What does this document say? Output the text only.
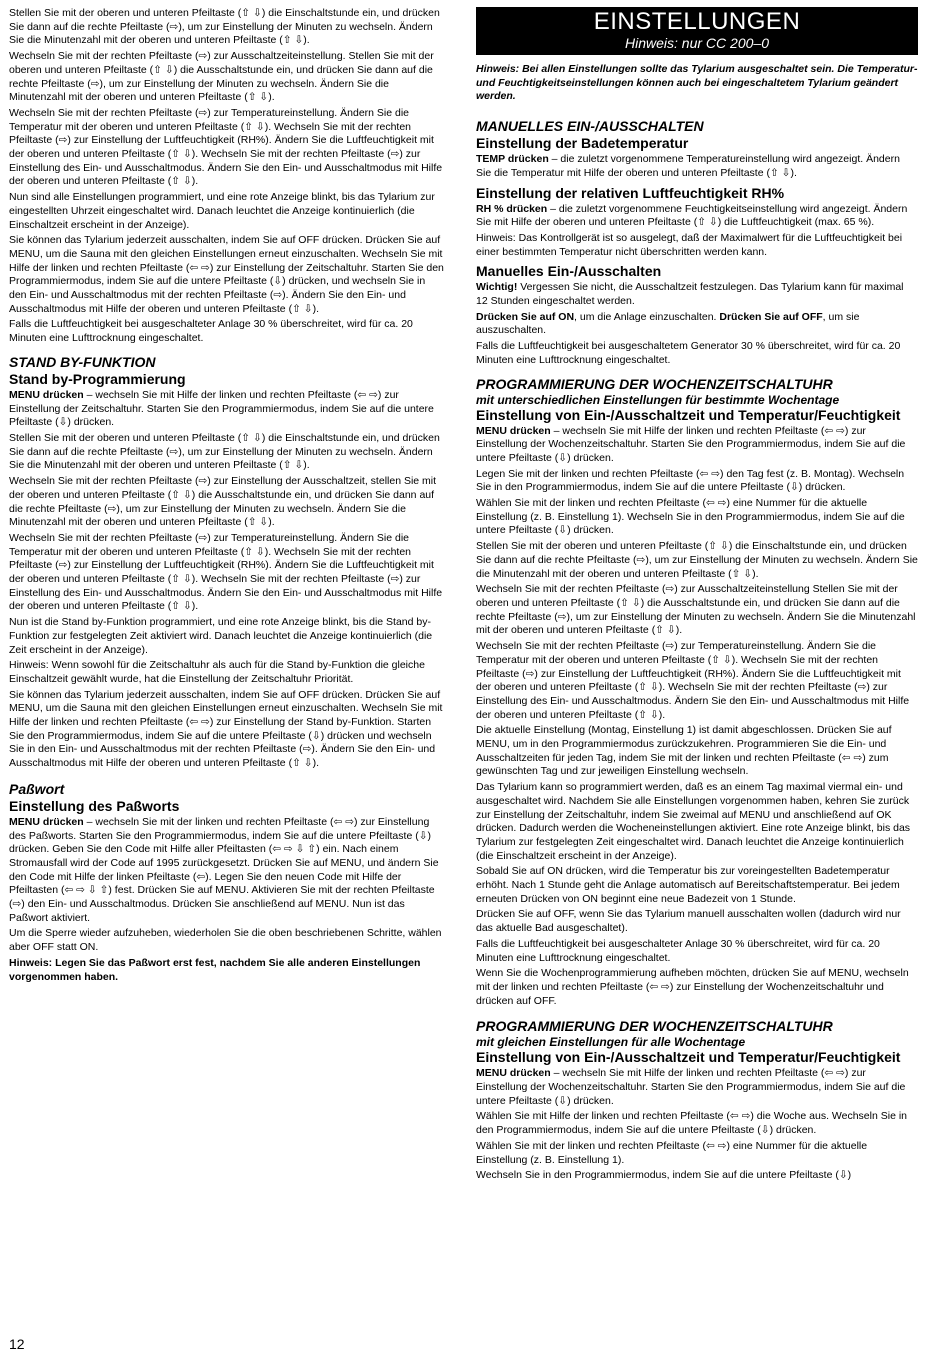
Stellen Sie mit der oberen und unteren Pfeiltaste (⇧ ⇩) die Einschaltstunde ein, und drücken Sie dann auf die rechte Pfeiltaste (⇨), um zur Einstellung der Minuten zu wechseln. Ändern Sie die Minutenzahl mit der oberen und unteren Pfeiltaste (⇧ ⇩).

Wechseln Sie mit der rechten Pfeiltaste (⇨) zur Ausschaltzeiteinstellung. Stellen Sie mit der oberen und unteren Pfeiltaste (⇧ ⇩) die Ausschaltstunde ein, und drücken Sie dann auf die rechte Pfeiltaste (⇨), um zur Einstellung der Minuten zu wechseln. Ändern Sie die Minutenzahl mit der oberen und unteren Pfeiltaste (⇧ ⇩).

Wechseln Sie mit der rechten Pfeiltaste (⇨) zur Temperatureinstellung. Ändern Sie die Temperatur mit der oberen und unteren Pfeiltaste (⇧ ⇩). Wechseln Sie mit der rechten Pfeiltaste (⇨) zur Einstellung der Luftfeuchtigkeit (RH%). Ändern Sie die Luftfeuchtigkeit mit der oberen und unteren Pfeiltaste (⇧ ⇩). Wechseln Sie mit der rechten Pfeiltaste (⇨) zur Einstellung des Ein- und Ausschaltmodus. Ändern Sie den Ein- und Ausschaltmodus mit Hilfe der oberen und unteren Pfeiltaste (⇧ ⇩).

Nun sind alle Einstellungen programmiert, und eine rote Anzeige blinkt, bis das Tylarium zur eingestellten Uhrzeit eingeschaltet wird. Danach leuchtet die Anzeige kontinuierlich (die Einschaltzeit erscheint in der Anzeige).

Sie können das Tylarium jederzeit ausschalten, indem Sie auf OFF drücken. Drücken Sie auf MENU, um die Sauna mit den gleichen Einstellungen erneut einzuschalten. Wechseln Sie mit Hilfe der linken und rechten Pfeiltaste (⇦ ⇨) zur Einstellung der Zeitschaltuhr. Starten Sie den Programmiermodus, indem Sie auf die untere Pfeiltaste (⇩) drücken, und wechseln Sie in den Ein- und Ausschaltmodus mit der rechten Pfeiltaste (⇨). Ändern Sie den Ein- und Ausschaltmodus mit Hilfe der oberen und unteren Pfeiltaste (⇧ ⇩).

Falls die Luftfeuchtigkeit bei ausgeschalteter Anlage 30 % überschreitet, wird für ca. 20 Minuten eine Lufttrocknung eingeschaltet.

STAND BY-FUNKTION
Stand by-Programmierung

MENU drücken – wechseln Sie mit Hilfe der linken und rechten Pfeiltaste (⇦ ⇨) zur Einstellung der Zeitschaltuhr. Starten Sie den Programmiermodus, indem Sie auf die untere Pfeiltaste (⇩) drücken.

Stellen Sie mit der oberen und unteren Pfeiltaste (⇧ ⇩) die Einschaltstunde ein, und drücken Sie dann auf die rechte Pfeiltaste (⇨), um zur Einstellung der Minuten zu wechseln. Ändern Sie die Minutenzahl mit der oberen und unteren Pfeiltaste (⇧ ⇩).

Wechseln Sie mit der rechten Pfeiltaste (⇨) zur Einstellung der Ausschaltzeit, stellen Sie mit der oberen und unteren Pfeiltaste (⇧ ⇩) die Ausschaltstunde ein, und drücken Sie dann auf die rechte Pfeiltaste (⇨), um zur Einstellung der Minuten zu wechseln. Ändern Sie die Minutenzahl mit der oberen und unteren Pfeiltaste (⇧ ⇩).

Wechseln Sie mit der rechten Pfeiltaste (⇨) zur Temperatureinstellung. Ändern Sie die Temperatur mit der oberen und unteren Pfeiltaste (⇧ ⇩). Wechseln Sie mit der rechten Pfeiltaste (⇨) zur Einstellung der Luftfeuchtigkeit (RH%). Ändern Sie die Luftfeuchtigkeit mit der oberen und unteren Pfeiltaste (⇧ ⇩). Wechseln Sie mit der rechten Pfeiltaste (⇨) zur Einstellung des Ein- und Ausschaltmodus. Ändern Sie den Ein- und Ausschaltmodus mit Hilfe der oberen und unteren Pfeiltaste (⇧ ⇩).

Nun ist die Stand by-Funktion programmiert, und eine rote Anzeige blinkt, bis die Stand by-Funktion zur festgelegten Zeit aktiviert wird. Danach leuchtet die Anzeige kontinuierlich (die Zeit erscheint in der Anzeige).

Hinweis: Wenn sowohl für die Zeitschaltuhr als auch für die Stand by-Funktion die gleiche Einschaltzeit gewählt wurde, hat die Einstellung der Zeitschaltuhr Priorität.

Sie können das Tylarium jederzeit ausschalten, indem Sie auf OFF drücken. Drücken Sie auf MENU, um die Sauna mit den gleichen Einstellungen erneut einzuschalten. Wechseln Sie mit Hilfe der linken und rechten Pfeiltaste (⇦ ⇨) zur Einstellung der Stand by-Funktion. Starten Sie den Programmiermodus, indem Sie auf die untere Pfeiltaste (⇩) drücken und wechseln Sie in den Ein- und Ausschaltmodus mit der rechten Pfeiltaste (⇨). Ändern Sie den Ein- und Ausschaltmodus mit Hilfe der oberen und unteren Pfeiltaste (⇧ ⇩).

Paßwort
Einstellung des Paßworts

MENU drücken – wechseln Sie mit der linken und rechten Pfeiltaste (⇦ ⇨) zur Einstellung des Paßworts. Starten Sie den Programmiermodus, indem Sie auf die untere Pfeiltaste (⇩) drücken. Geben Sie den Code mit Hilfe aller Pfeiltasten (⇦ ⇨ ⇩ ⇧) ein. Nach einem Stromausfall wird der Code auf 1995 zurückgesetzt. Drücken Sie auf MENU, und ändern Sie den Code mit Hilfe der linken Pfeiltaste (⇦). Legen Sie den neuen Code mit Hilfe der Pfeiltasten (⇦ ⇨ ⇩ ⇧) fest. Drücken Sie auf MENU. Aktivieren Sie mit der rechten Pfeiltaste (⇨) den Ein- und Ausschaltmodus. Drücken Sie anschließend auf MENU. Nun ist das Paßwort aktiviert.

Um die Sperre wieder aufzuheben, wiederholen Sie die oben beschriebenen Schritte, wählen aber OFF statt ON.

Hinweis: Legen Sie das Paßwort erst fest, nachdem Sie alle anderen Einstellungen vorgenommen haben.

EINSTELLUNGEN
Hinweis: nur CC 200–0

Hinweis: Bei allen Einstellungen sollte das Tylarium ausgeschaltet sein. Die Temperatur- und Feuchtigkeitseinstellungen können auch bei eingeschaltetem Tylarium geändert werden.

MANUELLES EIN-/AUSSCHALTEN
Einstellung der Badetemperatur

TEMP drücken – die zuletzt vorgenommene Temperatureinstellung wird angezeigt. Ändern Sie die Temperatur mit Hilfe der oberen und unteren Pfeiltaste (⇧ ⇩).

Einstellung der relativen Luftfeuchtigkeit RH%

RH % drücken – die zuletzt vorgenommene Feuchtigkeitseinstellung wird angezeigt. Ändern Sie mit Hilfe der oberen und unteren Pfeiltaste (⇧ ⇩) die Luftfeuchtigkeit (max. 65 %).

Hinweis: Das Kontrollgerät ist so ausgelegt, daß der Maximalwert für die Luftfeuchtigkeit bei einer bestimmten Temperatur nicht überschritten werden kann.

Manuelles Ein-/Ausschalten

Wichtig! Vergessen Sie nicht, die Ausschaltzeit festzulegen. Das Tylarium kann für maximal 12 Stunden eingeschaltet werden.

Drücken Sie auf ON, um die Anlage einzuschalten. Drücken Sie auf OFF, um sie auszuschalten.

Falls die Luftfeuchtigkeit bei ausgeschaltetem Generator 30 % überschreitet, wird für ca. 20 Minuten eine Lufttrocknung eingeschaltet.

PROGRAMMIERUNG DER WOCHENZEITSCHALTUHR
mit unterschiedlichen Einstellungen für bestimmte Wochentage
Einstellung von Ein-/Ausschaltzeit und Temperatur/Feuchtigkeit

MENU drücken – wechseln Sie mit Hilfe der linken und rechten Pfeiltaste (⇦ ⇨) zur Einstellung der Wochenzeitschaltuhr. Starten Sie den Programmiermodus, indem Sie auf die untere Pfeiltaste (⇩) drücken.

Legen Sie mit der linken und rechten Pfeiltaste (⇦ ⇨) den Tag fest (z. B. Montag). Wechseln Sie in den Programmiermodus, indem Sie auf die untere Pfeiltaste (⇩) drücken.

Wählen Sie mit der linken und rechten Pfeiltaste (⇦ ⇨) eine Nummer für die aktuelle Einstellung (z. B. Einstellung 1). Wechseln Sie in den Programmiermodus, indem Sie auf die untere Pfeiltaste (⇩) drücken.

Stellen Sie mit der oberen und unteren Pfeiltaste (⇧ ⇩) die Einschaltstunde ein, und drücken Sie dann auf die rechte Pfeiltaste (⇨), um zur Einstellung der Minuten zu wechseln. Ändern Sie die Minutenzahl mit der oberen und unteren Pfeiltaste (⇧ ⇩).

Wechseln Sie mit der rechten Pfeiltaste (⇨) zur Ausschaltzeiteinstellung Stellen Sie mit der oberen und unteren Pfeiltaste (⇧ ⇩) die Ausschaltstunde ein, und drücken Sie dann auf die rechte Pfeiltaste (⇨), um zur Einstellung der Minuten zu wechseln. Ändern Sie die Minutenzahl mit der oberen und unteren Pfeiltaste (⇧ ⇩).

Wechseln Sie mit der rechten Pfeiltaste (⇨) zur Temperatureinstellung. Ändern Sie die Temperatur mit der oberen und unteren Pfeiltaste (⇧ ⇩). Wechseln Sie mit der rechten Pfeiltaste (⇨) zur Einstellung der Luftfeuchtigkeit (RH%). Ändern Sie die Luftfeuchtigkeit mit der oberen und unteren Pfeiltaste (⇧ ⇩). Wechseln Sie mit der rechten Pfeiltaste (⇨) zur Einstellung des Ein- und Ausschaltmodus. Ändern Sie den Ein- und Ausschaltmodus mit Hilfe der oberen und unteren Pfeiltaste (⇧ ⇩).

Die aktuelle Einstellung (Montag, Einstellung 1) ist damit abgeschlossen. Drücken Sie auf MENU, um in den Programmiermodus zurückzukehren. Programmieren Sie die Ein- und Ausschaltzeiten für jeden Tag, indem Sie mit der linken und rechten Pfeiltaste (⇦ ⇨) zum gewünschten Tag und zur jeweiligen Einstellung wechseln.

Das Tylarium kann so programmiert werden, daß es an einem Tag maximal viermal ein- und ausgeschaltet wird. Nachdem Sie alle Einstellungen vorgenommen haben, kehren Sie zurück zur Einstellung der Zeitschaltuhr, indem Sie zweimal auf MENU und anschließend auf OK drücken. Dadurch werden die Wocheneinstellungen aktiviert. Eine rote Anzeige blinkt, bis das Tylarium zur festgelegten Zeit eingeschaltet wird. Danach leuchtet die Anzeige kontinuierlich (die Einschaltzeit erscheint in der Anzeige).

Sobald Sie auf ON drücken, wird die Temperatur bis zur voreingestellten Badetemperatur erhöht. Nach 1 Stunde geht die Anlage automatisch auf Bereitschaftstemperatur. Bei jedem erneuten Drücken von ON beginnt eine neue Badezeit von 1 Stunde.

Drücken Sie auf OFF, wenn Sie das Tylarium manuell ausschalten wollen (dadurch wird nur das aktuelle Bad ausgeschaltet).

Falls die Luftfeuchtigkeit bei ausgeschalteter Anlage 30 % überschreitet, wird für ca. 20 Minuten eine Lufttrocknung eingeschaltet.

Wenn Sie die Wochenprogrammierung aufheben möchten, drücken Sie auf MENU, wechseln mit der linken und rechten Pfeiltaste (⇦ ⇨) zur Einstellung der Wochenzeitschaltuhr und drücken auf OFF.

PROGRAMMIERUNG DER WOCHENZEITSCHALTUHR
mit gleichen Einstellungen für alle Wochentage
Einstellung von Ein-/Ausschaltzeit und Temperatur/Feuchtigkeit

MENU drücken – wechseln Sie mit Hilfe der linken und rechten Pfeiltaste (⇦ ⇨) zur Einstellung der Wochenzeitschaltuhr. Starten Sie den Programmiermodus, indem Sie auf die untere Pfeiltaste (⇩) drücken.

Wählen Sie mit Hilfe der linken und rechten Pfeiltaste (⇦ ⇨) die Woche aus. Wechseln Sie in den Programmiermodus, indem Sie auf die untere Pfeiltaste (⇩) drücken.

Wählen Sie mit der linken und rechten Pfeiltaste (⇦ ⇨) eine Nummer für die aktuelle Einstellung (z. B. Einstellung 1).

Wechseln Sie in den Programmiermodus, indem Sie auf die untere Pfeiltaste (⇩)

12
